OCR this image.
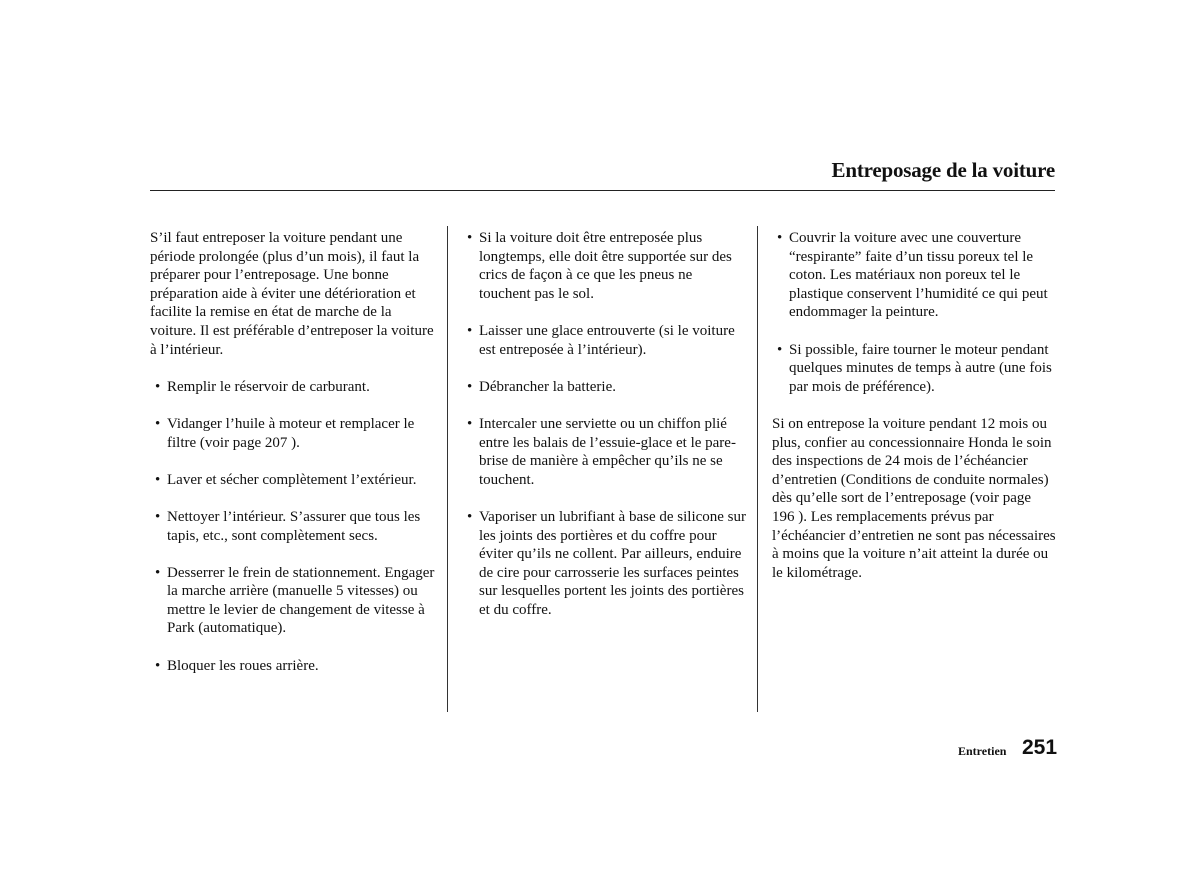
Entreposage de la voiture

S’il faut entreposer la voiture pendant une période prolongée (plus d’un mois), il faut la préparer pour l’entreposage. Une bonne préparation aide à éviter une détérioration et facilite la remise en état de marche de la voiture. Il est préférable d’entreposer la voiture à l’intérieur.

• Remplir le réservoir de carburant.
• Vidanger l’huile à moteur et remplacer le filtre (voir page 207 ).
• Laver et sécher complètement l’extérieur.
• Nettoyer l’intérieur. S’assurer que tous les tapis, etc., sont complètement secs.
• Desserrer le frein de stationnement. Engager la marche arrière (manuelle 5 vitesses) ou mettre le levier de changement de vitesse à Park (automatique).
• Bloquer les roues arrière.
• Si la voiture doit être entreposée plus longtemps, elle doit être supportée sur des crics de façon à ce que les pneus ne touchent pas le sol.
• Laisser une glace entrouverte (si le voiture est entreposée à l’intérieur).
• Débrancher la batterie.
• Intercaler une serviette ou un chiffon plié entre les balais de l’essuie-glace et le pare-brise de manière à empêcher qu’ils ne se touchent.
• Vaporiser un lubrifiant à base de silicone sur les joints des portières et du coffre pour éviter qu’ils ne collent. Par ailleurs, enduire de cire pour carrosserie les surfaces peintes sur lesquelles portent les joints des portières et du coffre.
• Couvrir la voiture avec une couverture “respirante” faite d’un tissu poreux tel le coton. Les matériaux non poreux tel le plastique conservent l’humidité ce qui peut endommager la peinture.
• Si possible, faire tourner le moteur pendant quelques minutes de temps à autre (une fois par mois de préférence).

Si on entrepose la voiture pendant 12 mois ou plus, confier au concessionnaire Honda le soin des inspections de 24 mois de l’échéancier d’entretien (Conditions de conduite normales) dès qu’elle sort de l’entreposage (voir page 196 ). Les remplacements prévus par l’échéancier d’entretien ne sont pas nécessaires à moins que la voiture n’ait atteint la durée ou le kilométrage.

Entretien 251
